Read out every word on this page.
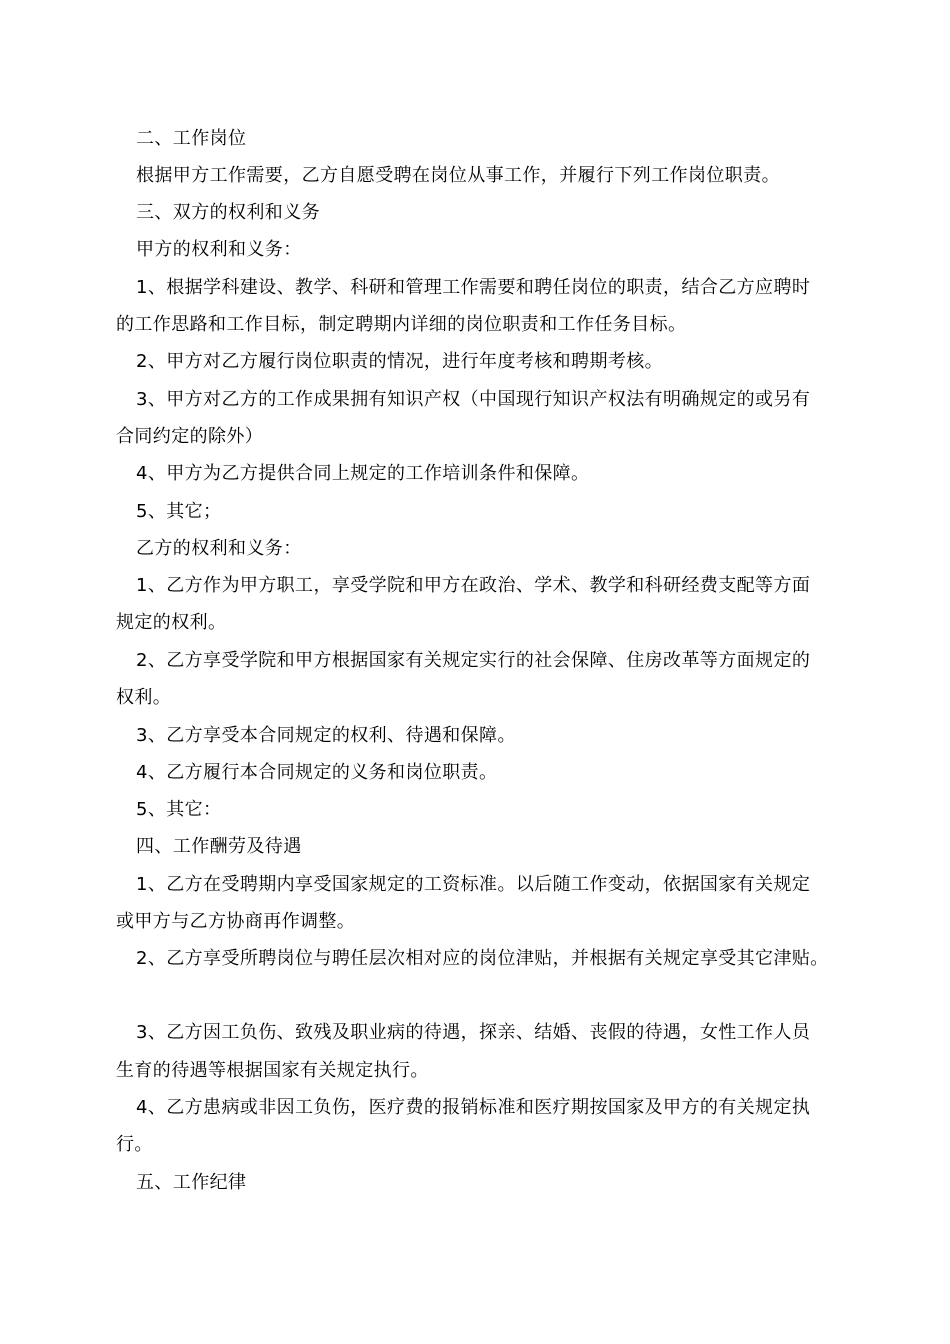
二、工作岗位
根据甲方工作需要，乙方自愿受聘在岗位从事工作，并履行下列工作岗位职责。
三、双方的权利和义务
甲方的权利和义务：
1、根据学科建设、教学、科研和管理工作需要和聘任岗位的职责，结合乙方应聘时
的工作思路和工作目标，制定聘期内详细的岗位职责和工作任务目标。
2、甲方对乙方履行岗位职责的情况，进行年度考核和聘期考核。
3、甲方对乙方的工作成果拥有知识产权（中国现行知识产权法有明确规定的或另有
合同约定的除外）
4、甲方为乙方提供合同上规定的工作培训条件和保障。
5、其它；
乙方的权利和义务：
1、乙方作为甲方职工，享受学院和甲方在政治、学术、教学和科研经费支配等方面
规定的权利。
2、乙方享受学院和甲方根据国家有关规定实行的社会保障、住房改革等方面规定的
权利。
3、乙方享受本合同规定的权利、待遇和保障。
4、乙方履行本合同规定的义务和岗位职责。
5、其它：
四、工作酬劳及待遇
1、乙方在受聘期内享受国家规定的工资标准。以后随工作变动，依据国家有关规定
或甲方与乙方协商再作调整。
2、乙方享受所聘岗位与聘任层次相对应的岗位津贴，并根据有关规定享受其它津贴。
3、乙方因工负伤、致残及职业病的待遇，探亲、结婚、丧假的待遇，女性工作人员
生育的待遇等根据国家有关规定执行。
4、乙方患病或非因工负伤，医疗费的报销标准和医疗期按国家及甲方的有关规定执
行。
五、工作纪律
